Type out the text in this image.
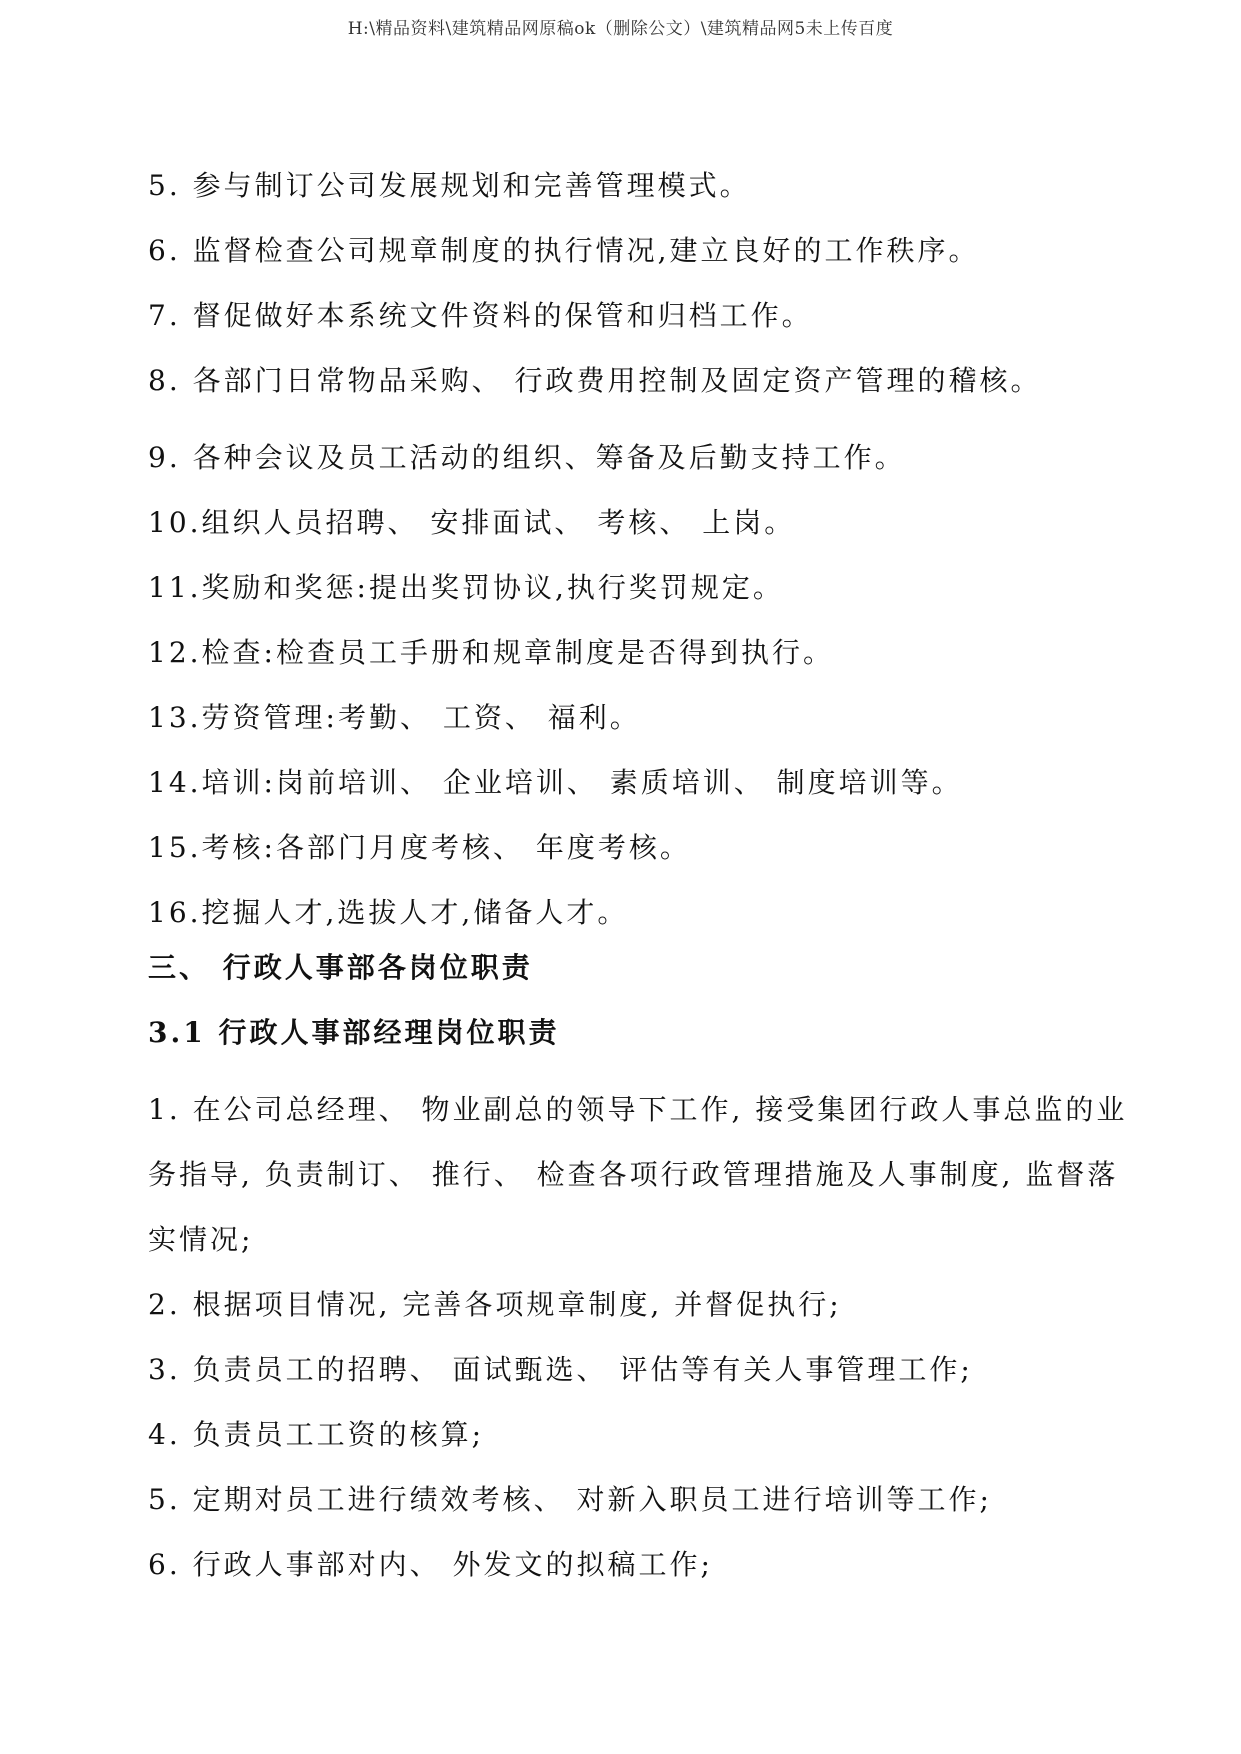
H:\精品资料\建筑精品网原稿ok（删除公文）\建筑精品网5未上传百度
5. 参与制订公司发展规划和完善管理模式。
6. 监督检查公司规章制度的执行情况,建立良好的工作秩序。
7. 督促做好本系统文件资料的保管和归档工作。
8. 各部门日常物品采购、 行政费用控制及固定资产管理的稽核。
9. 各种会议及员工活动的组织、筹备及后勤支持工作。
10.组织人员招聘、 安排面试、 考核、 上岗。
11.奖励和奖惩:提出奖罚协议,执行奖罚规定。
12.检查:检查员工手册和规章制度是否得到执行。
13.劳资管理:考勤、 工资、 福利。
14.培训:岗前培训、 企业培训、 素质培训、 制度培训等。
15.考核:各部门月度考核、 年度考核。
16.挖掘人才,选拔人才,储备人才。
三、 行政人事部各岗位职责
3.1 行政人事部经理岗位职责
1. 在公司总经理、 物业副总的领导下工作, 接受集团行政人事总监的业
务指导, 负责制订、 推行、 检查各项行政管理措施及人事制度, 监督落
实情况;
2. 根据项目情况, 完善各项规章制度, 并督促执行;
3. 负责员工的招聘、 面试甄选、 评估等有关人事管理工作;
4. 负责员工工资的核算;
5. 定期对员工进行绩效考核、 对新入职员工进行培训等工作;
6. 行政人事部对内、 外发文的拟稿工作;
